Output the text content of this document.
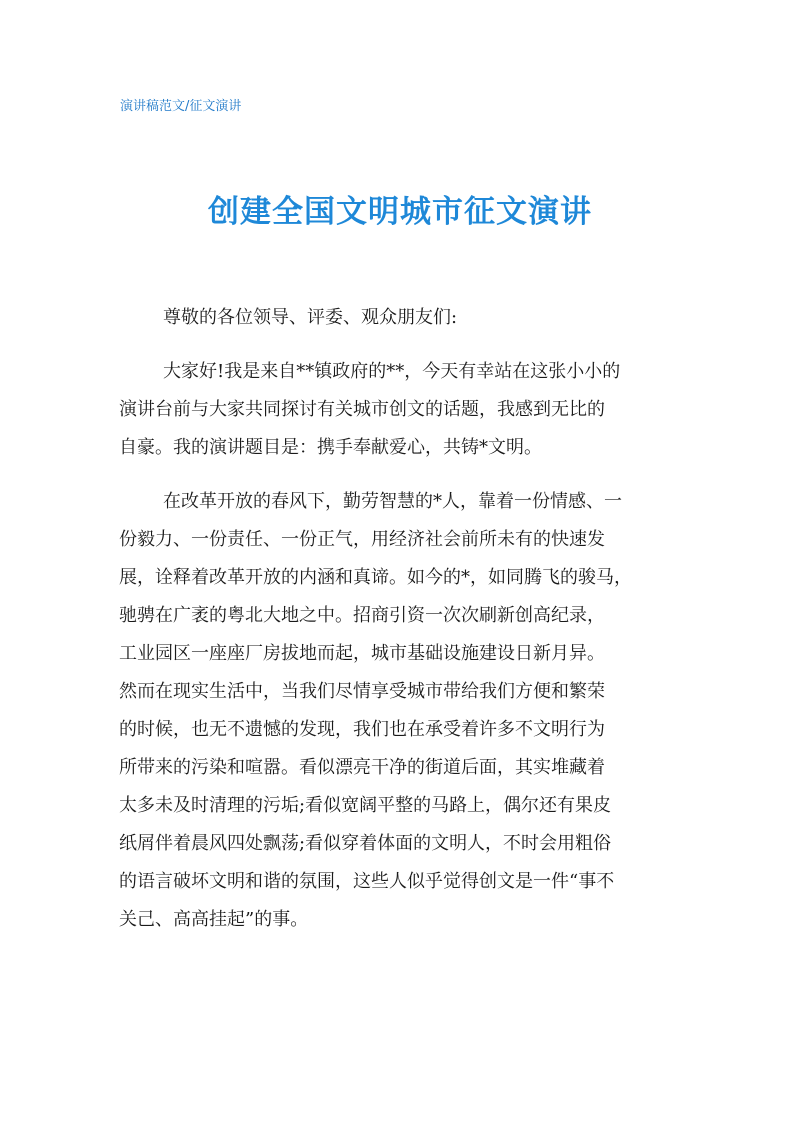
演讲稿范文/征文演讲
创建全国文明城市征文演讲

尊敬的各位领导、评委、观众朋友们:

大家好!我是来自**镇政府的**，今天有幸站在这张小小的
演讲台前与大家共同探讨有关城市创文的话题，我感到无比的
自豪。我的演讲题目是：携手奉献爱心，共铸*文明。

在改革开放的春风下，勤劳智慧的*人，靠着一份情感、一
份毅力、一份责任、一份正气，用经济社会前所未有的快速发
展，诠释着改革开放的内涵和真谛。如今的*，如同腾飞的骏马，
驰骋在广袤的粤北大地之中。招商引资一次次刷新创高纪录，
工业园区一座座厂房拔地而起，城市基础设施建设日新月异。
然而在现实生活中，当我们尽情享受城市带给我们方便和繁荣
的时候，也无不遗憾的发现，我们也在承受着许多不文明行为
所带来的污染和喧嚣。看似漂亮干净的街道后面，其实堆藏着
太多未及时清理的污垢;看似宽阔平整的马路上，偶尔还有果皮
纸屑伴着晨风四处飘荡;看似穿着体面的文明人，不时会用粗俗
的语言破坏文明和谐的氛围，这些人似乎觉得创文是一件“事不
关己、高高挂起”的事。
